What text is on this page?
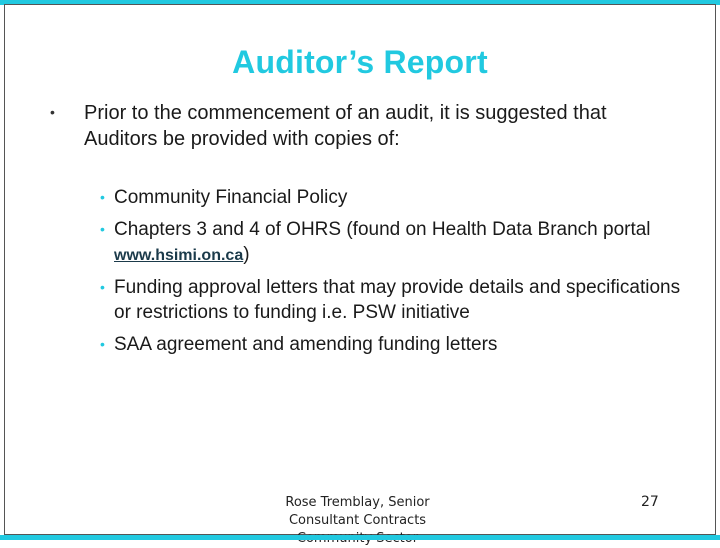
Auditor’s Report
• Prior to the commencement of an audit, it is suggested that Auditors be provided with copies of:

• Community Financial Policy
• Chapters 3 and 4 of OHRS (found on Health Data Branch portal www.hsimi.on.ca)
• Funding approval letters that may provide details and specifications or restrictions to funding i.e. PSW initiative
• SAA agreement and amending funding letters
Rose Tremblay, Senior
Consultant Contracts
27
